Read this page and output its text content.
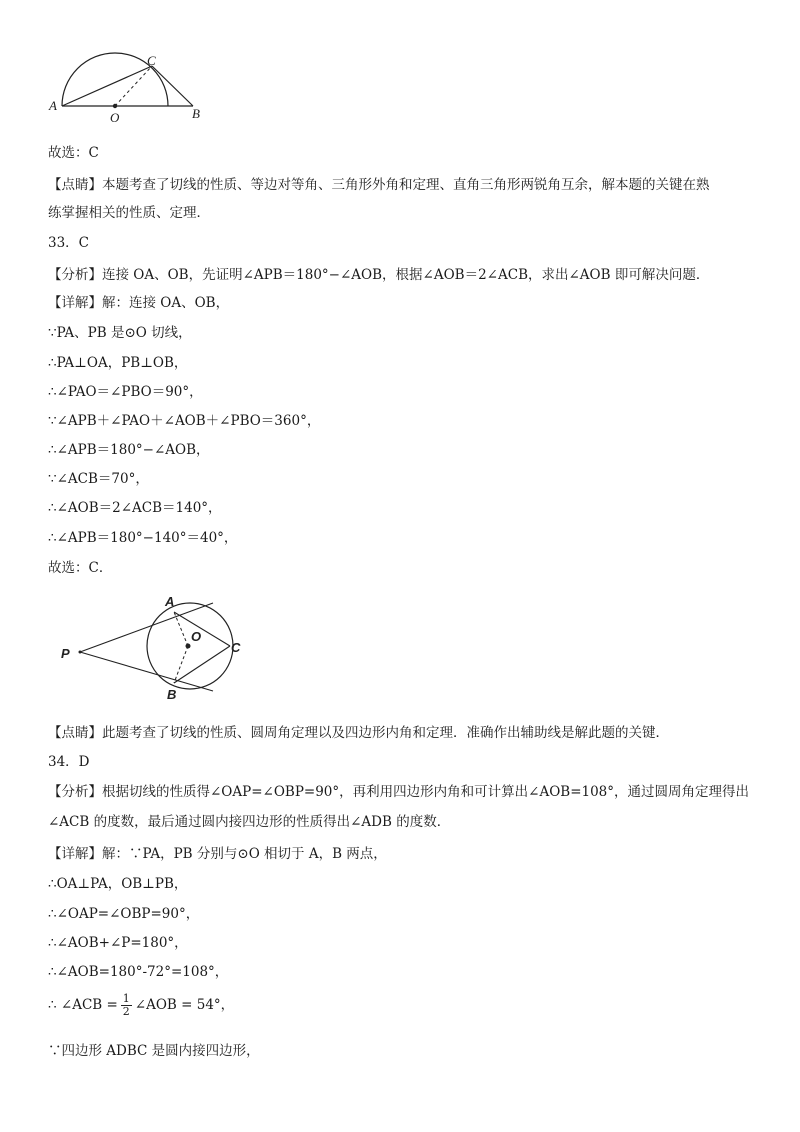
A
O
C
B
故选：C
【点睛】本题考查了切线的性质、等边对等角、三角形外角和定理、直角三角形两锐角互余，解本题的关键在熟
练掌握相关的性质、定理．
33．C
【分析】连接 OA、OB，先证明∠APB＝180°−∠AOB，根据∠AOB＝2∠ACB，求出∠AOB 即可解决问题．
【详解】解：连接 OA、OB，
∵PA、PB 是⊙O 切线，
∴PA⊥OA，PB⊥OB，
∴∠PAO＝∠PBO＝90°，
∵∠APB＋∠PAO＋∠AOB＋∠PBO＝360°，
∴∠APB＝180°−∠AOB，
∵∠ACB＝70°，
∴∠AOB＝2∠ACB＝140°，
∴∠APB＝180°−140°＝40°，
故选：C．
A
O
C
P
B
【点睛】此题考查了切线的性质、圆周角定理以及四边形内角和定理．准确作出辅助线是解此题的关键．
34．D
【分析】根据切线的性质得∠OAP=∠OBP=90°，再利用四边形内角和可计算出∠AOB=108°，通过圆周角定理得出
∠ACB 的度数，最后通过圆内接四边形的性质得出∠ADB 的度数．
【详解】解：∵PA，PB 分别与⊙O 相切于 A，B 两点，
∴OA⊥PA，OB⊥PB，
∴∠OAP=∠OBP=90°，
∴∠AOB+∠P=180°，
∴∠AOB=180°-72°=108°，
∴ ∠ACB = $\frac{1}{2}$ ∠AOB = 54°，
∵四边形 ADBC 是圆内接四边形，
